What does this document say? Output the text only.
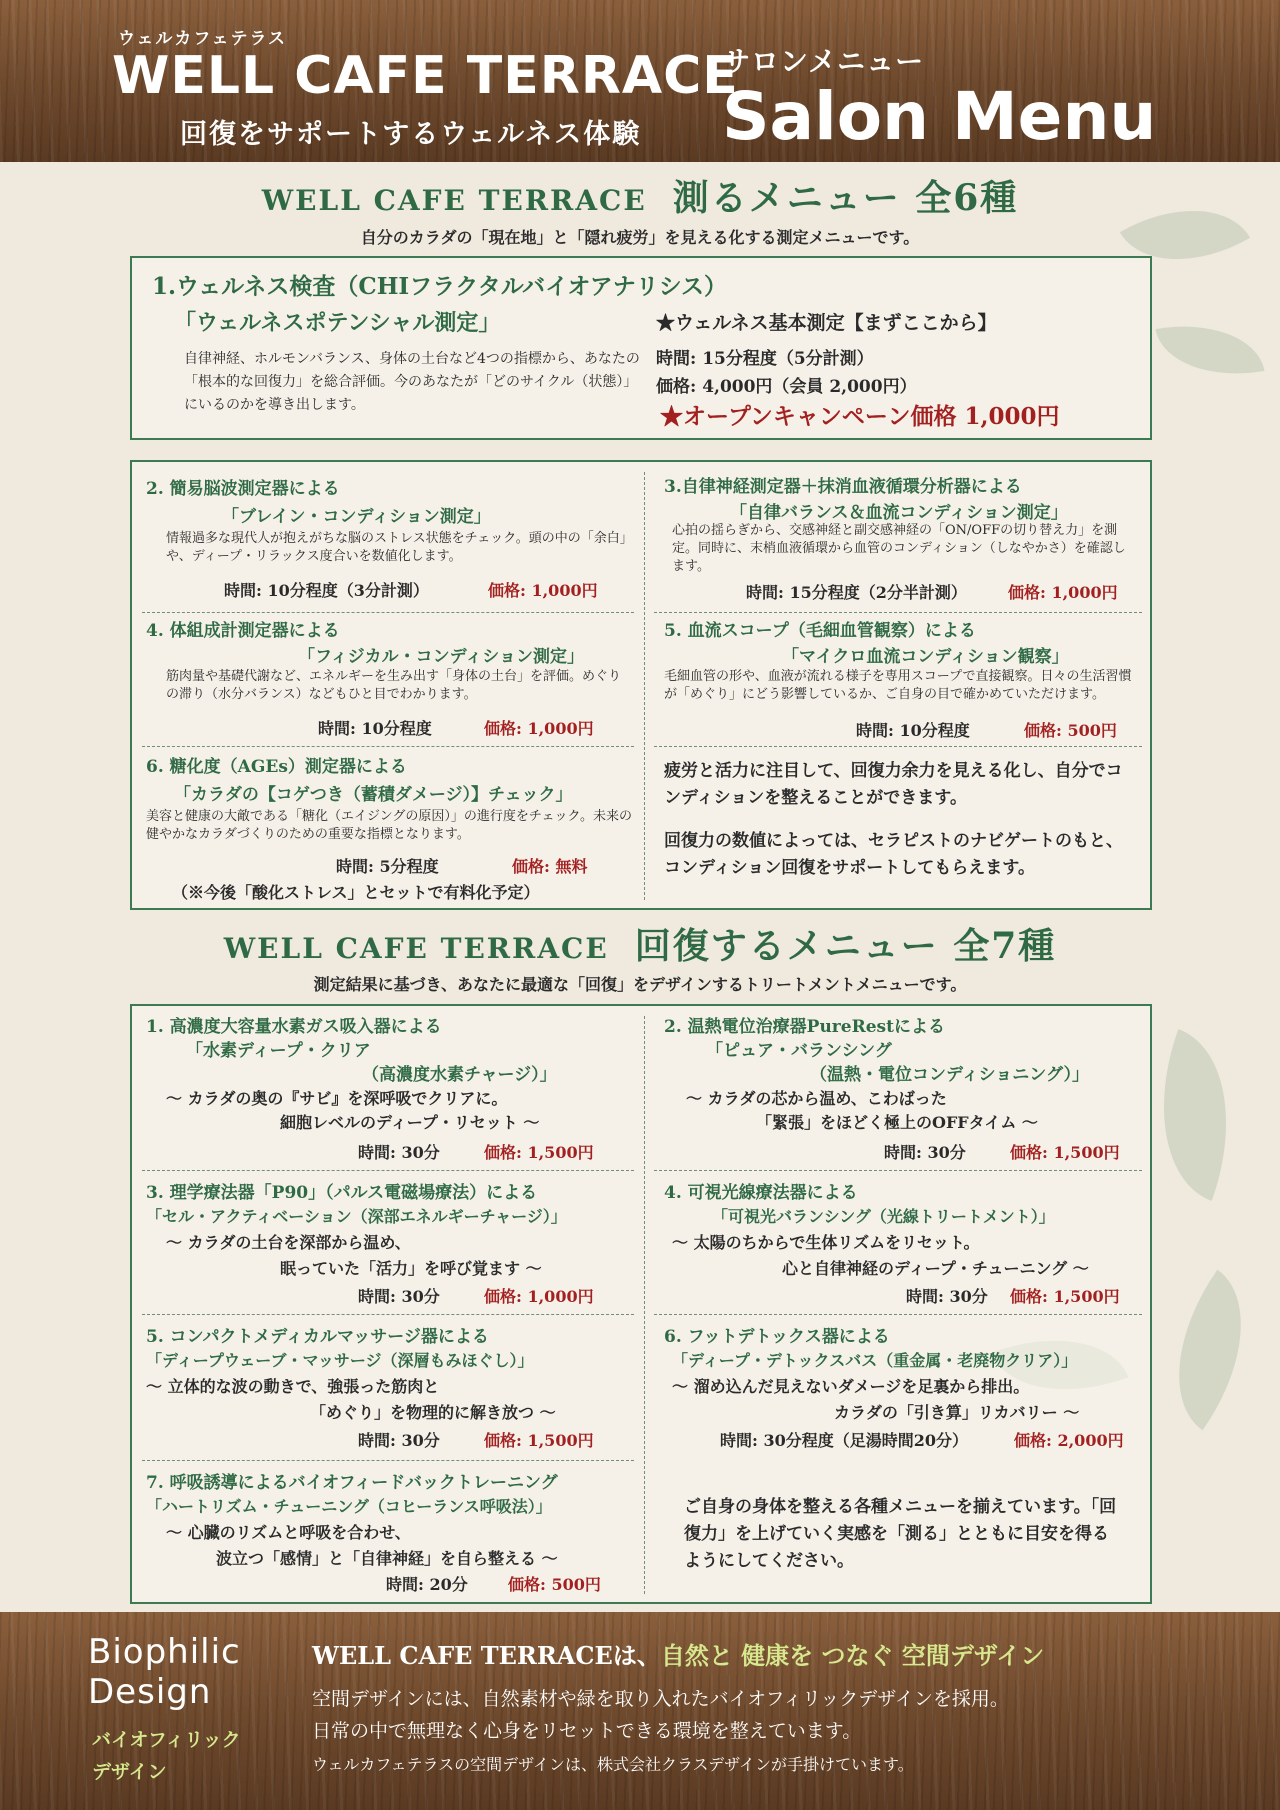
ウェルカフェテラス
WELL CAFE TERRACE
回復をサポートするウェルネス体験
サロンメニュー
Salon Menu
WELL CAFE TERRACE 測るメニュー 全6種
自分のカラダの「現在地」と「隠れ疲労」を見える化する測定メニューです。
1.ウェルネス検査（CHIフラクタルバイオアナリシス）
「ウェルネスポテンシャル測定」
自律神経、ホルモンバランス、身体の土台など4つの指標から、あなたの「根本的な回復力」を総合評価。今のあなたが「どのサイクル（状態）」にいるのかを導き出します。
★ウェルネス基本測定【まずここから】
時間: 15分程度（5分計測）
価格: 4,000円（会員 2,000円）
★オープンキャンペーン価格 1,000円
2. 簡易脳波測定器による
「ブレイン・コンディション測定」
情報過多な現代人が抱えがちな脳のストレス状態をチェック。頭の中の「余白」や、ディープ・リラックス度合いを数値化します。
時間: 10分程度（3分計測）	価格: 1,000円
3.自律神経測定器＋抹消血液循環分析器による
「自律バランス＆血流コンディション測定」
心拍の揺らぎから、交感神経と副交感神経の「ON/OFFの切り替え力」を測定。同時に、末梢血液循環から血管のコンディション（しなやかさ）を確認します。
時間: 15分程度（2分半計測）	価格: 1,000円
4. 体組成計測定器による
「フィジカル・コンディション測定」
筋肉量や基礎代謝など、エネルギーを生み出す「身体の土台」を評価。めぐりの滞り（水分バランス）などもひと目でわかります。
時間: 10分程度	価格: 1,000円
5. 血流スコープ（毛細血管観察）による
「マイクロ血流コンディション観察」
毛細血管の形や、血液が流れる様子を専用スコープで直接観察。日々の生活習慣が「めぐり」にどう影響しているか、ご自身の目で確かめていただけます。
時間: 10分程度	価格: 500円
6. 糖化度（AGEs）測定器による
「カラダの【コゲつき（蓄積ダメージ）】チェック」
美容と健康の大敵である「糖化（エイジングの原因）」の進行度をチェック。未来の健やかなカラダづくりのための重要な指標となります。
時間: 5分程度	価格: 無料
（※今後「酸化ストレス」とセットで有料化予定）
疲労と活力に注目して、回復力余力を見える化し、自分でコンディションを整えることができます。
回復力の数値によっては、セラピストのナビゲートのもと、コンディション回復をサポートしてもらえます。
WELL CAFE TERRACE 回復するメニュー 全7種
測定結果に基づき、あなたに最適な「回復」をデザインするトリートメントメニューです。
1. 高濃度大容量水素ガス吸入器による
「水素ディープ・クリア
（高濃度水素チャージ）」
〜 カラダの奥の『サビ』を深呼吸でクリアに。
細胞レベルのディープ・リセット 〜
時間: 30分	価格: 1,500円
2. 温熱電位治療器PureRestによる
「ピュア・バランシング
（温熱・電位コンディショニング）」
〜 カラダの芯から温め、こわばった
「緊張」をほどく極上のOFFタイム 〜
時間: 30分	価格: 1,500円
3. 理学療法器「P90」（パルス電磁場療法）による
「セル・アクティベーション（深部エネルギーチャージ）」
〜 カラダの土台を深部から温め、
眠っていた「活力」を呼び覚ます 〜
時間: 30分	価格: 1,000円
4. 可視光線療法器による
「可視光バランシング（光線トリートメント）」
〜 太陽のちからで生体リズムをリセット。
心と自律神経のディープ・チューニング 〜
時間: 30分 価格: 1,500円
5. コンパクトメディカルマッサージ器による
「ディープウェーブ・マッサージ（深層もみほぐし）」
〜 立体的な波の動きで、強張った筋肉と
「めぐり」を物理的に解き放つ 〜
時間: 30分	価格: 1,500円
6. フットデトックス器による
「ディープ・デトックスバス（重金属・老廃物クリア）」
〜 溜め込んだ見えないダメージを足裏から排出。
カラダの「引き算」リカバリー 〜
時間: 30分程度（足湯時間20分）	価格: 2,000円
7. 呼吸誘導によるバイオフィードバックトレーニング
「ハートリズム・チューニング（コヒーランス呼吸法）」
〜 心臓のリズムと呼吸を合わせ、
波立つ「感情」と「自律神経」を自ら整える 〜
時間: 20分	価格: 500円
ご自身の身体を整える各種メニューを揃えています。「回復力」を上げていく実感を「測る」とともに目安を得るようにしてください。
Biophilic
Design
バイオフィリック
デザイン
WELL CAFE TERRACEは、自然と 健康を つなぐ 空間デザイン
空間デザインには、自然素材や緑を取り入れたバイオフィリックデザインを採用。
日常の中で無理なく心身をリセットできる環境を整えています。
ウェルカフェテラスの空間デザインは、株式会社クラスデザインが手掛けています。
